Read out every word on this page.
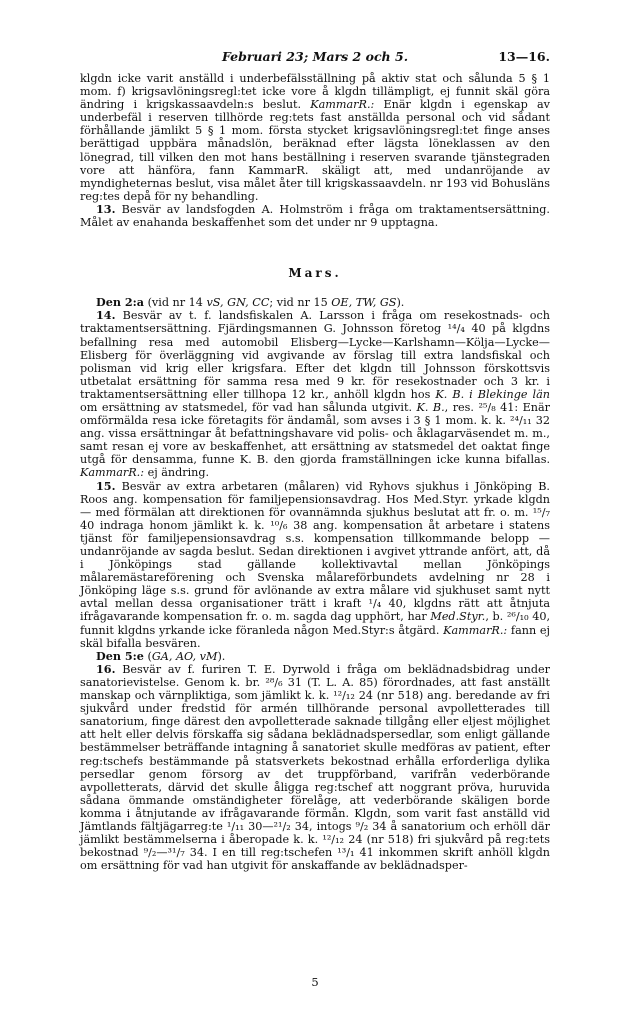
Februari 23; Mars 2 och 5.	13—16.

klgdn icke varit anställd i underbefälsställning på aktiv stat och sålunda 5 § 1 mom. f) krigsavlöningsregl:tet icke vore å klgdn tillämpligt, ej funnit skäl göra ändring i krigskassaavdeln:s beslut. KammarR.: Enär klgdn i egenskap av underbefäl i reserven tillhörde reg:tets fast anställda personal och vid sådant förhållande jämlikt 5 § 1 mom. första stycket krigsavlöningsregl:tet finge anses berättigad uppbära månadslön, beräknad efter lägsta löneklassen av den lönegrad, till vilken den mot hans beställning i reserven svarande tjänstegraden vore att hänföra, fann KammarR. skäligt att, med undanröjande av myndigheternas beslut, visa målet åter till krigskassaavdeln. nr 193 vid Bohusläns reg:tes depå för ny behandling.

13. Besvär av landsfogden A. Holmström i fråga om traktamentsersättning. Målet av enahanda beskaffenhet som det under nr 9 upptagna.

Mars.

Den 2:a (vid nr 14 vS, GN, CC; vid nr 15 OE, TW, GS).

14. Besvär av t. f. landsfiskalen A. Larsson i fråga om resekostnads- och traktamentsersättning. Fjärdingsmannen G. Johnsson företog ¹⁴/₄ 40 på klgdns befallning resa med automobil Elisberg—Lycke—Karlshamn—Kölja—Lycke—Elisberg för överläggning vid avgivande av förslag till extra landsfiskal och polisman vid krig eller krigsfara. Efter det klgdn till Johnsson förskottsvis utbetalat ersättning för samma resa med 9 kr. för resekostnader och 3 kr. i traktamentsersättning eller tillhopa 12 kr., anhöll klgdn hos K. B. i Blekinge län om ersättning av statsmedel, för vad han sålunda utgivit. K. B., res. ²⁵/₈ 41: Enär omförmälda resa icke företagits för ändamål, som avses i 3 § 1 mom. k. k. ²⁴/₁₁ 32 ang. vissa ersättningar åt befattningshavare vid polis- och åklagarväsendet m. m., samt resan ej vore av beskaffenhet, att ersättning av statsmedel det oaktat finge utgå för densamma, funne K. B. den gjorda framställningen icke kunna bifallas. KammarR.: ej ändring.

15. Besvär av extra arbetaren (målaren) vid Ryhovs sjukhus i Jönköping B. Roos ang. kompensation för familjepensionsavdrag. Hos Med.Styr. yrkade klgdn — med förmälan att direktionen för ovannämnda sjukhus beslutat att fr. o. m. ¹⁵/₇ 40 indraga honom jämlikt k. k. ¹⁰/₆ 38 ang. kompensation åt arbetare i statens tjänst för familjepensionsavdrag s.s. kompensation tillkommande belopp — undanröjande av sagda beslut. Sedan direktionen i avgivet yttrande anfört, att, då i Jönköpings stad gällande kollektivavtal mellan Jönköpings målaremästareförening och Svenska målareförbundets avdelning nr 28 i Jönköping läge s.s. grund för avlönande av extra målare vid sjukhuset samt nytt avtal mellan dessa organisationer trätt i kraft ¹/₄ 40, klgdns rätt att åtnjuta ifrågavarande kompensation fr. o. m. sagda dag upphört, har Med.Styr., b. ²⁶/₁₀ 40, funnit klgdns yrkande icke föranleda någon Med.Styr:s åtgärd. KammarR.: fann ej skäl bifalla besvären.

Den 5:e (GA, AO, vM).

16. Besvär av f. furiren T. E. Dyrwold i fråga om beklädnadsbidrag under sanatorievistelse. Genom k. br. ²⁸/₆ 31 (T. L. A. 85) förordnades, att fast anställt manskap och värnpliktiga, som jämlikt k. k. ¹²/₁₂ 24 (nr 518) ang. beredande av fri sjukvård under fredstid för armén tillhörande personal avpolletterades till sanatorium, finge därest den avpolletterade saknade tillgång eller eljest möjlighet att helt eller delvis förskaffa sig sådana beklädnadspersedlar, som enligt gällande bestämmelser beträffande intagning å sanatoriet skulle medföras av patient, efter reg:tschefs bestämmande på statsverkets bekostnad erhålla erforderliga dylika persedlar genom försorg av det truppförband, varifrån vederbörande avpolletterats, därvid det skulle åligga reg:tschef att noggrant pröva, huruvida sådana ömmande omständigheter förelåge, att vederbörande skäligen borde komma i åtnjutande av ifrågavarande förmån. Klgdn, som varit fast anställd vid Jämtlands fältjägarreg:te ¹/₁₁ 30—²¹/₂ 34, intogs ⁹/₂ 34 å sanatorium och erhöll där jämlikt bestämmelserna i åberopade k. k. ¹²/₁₂ 24 (nr 518) fri sjukvård på reg:tets bekostnad ⁹/₂—³¹/₇ 34. I en till reg:tschefen ¹³/₁ 41 inkommen skrift anhöll klgdn om ersättning för vad han utgivit för anskaffande av beklädnadsper-

5
